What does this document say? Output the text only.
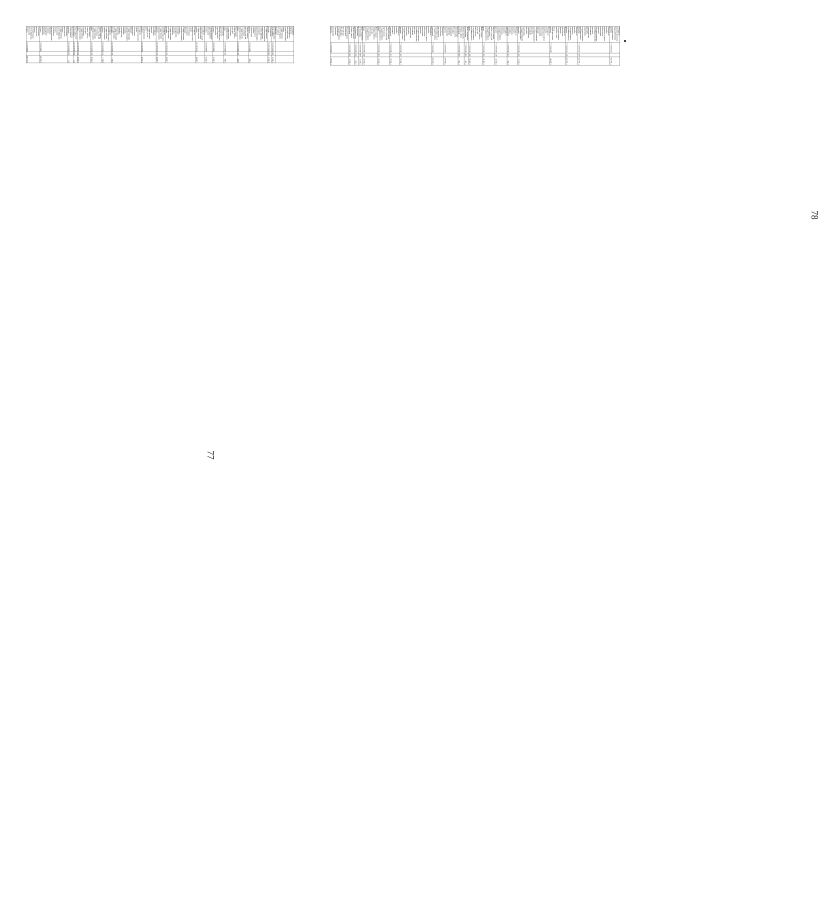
77
Проведение выборов и референдумов в законодательные (представительные) органы государственной власти субъектов Российской Федерации			
Иные бюджетные ассигнования	75 2 00 20010	800	11 896,3
Специальные расходы	75 2 00 20010	880	11 896,3
Государственная автоматизированная информационная система «Выборы», повышение правовой культуры избирателей и обучение организаторов выборов	75 2 00 20040		300,0
Закупка товаров, работ и услуг для обеспечения государственных (муниципальных) нужд	75 2 00 20040	200	300,0
Иные закупки товаров, работ и услуг для обеспечения государственных (муниципальных) нужд	75 2 00 20040	240	300,0
Обеспечение деятельности аппаратов мировых судов Еврейской автономной области	76 0 00 00000		52 242,1
Аппарат мировых судов Еврейской автономной области	76 1 00 00000		52 242,1
Расходы на выплаты по оплате труда работников государственных органов	76 1 00 00110		24 080,7
Расходы на выплаты персоналу в целях обеспечения выполнения функций государственными (муниципальными) органами, казенными учреждениями, органами управления государственными внебюджетными фондами	76 1 00 00110	100	24 080,7
Расходы на выплаты персоналу государственных (муниципальных) органов	76 1 00 00110	120	24 080,7
Расходы на обеспечение функций государственных органов, в том числе территориальных органов	76 1 00 00190		28 161,4
Расходы на выплаты персоналу в целях обеспечения выполнения функций государственными (муниципальными) органами, казенными учреждениями, органами управления государственными внебюджетными фондами	76 1 00 00190	100	1 198,8
Расходы на выплаты персоналу государственных (муниципальных) органов	76 1 00 00190	120	1 198,8
Закупка товаров, работ и услуг для обеспечения государственных (муниципальных) нужд	76 1 00 00190	200	26 960,6
Иные закупки товаров, работ и услуг для обеспечения государственных (муниципальных) нужд	76 1 00 00190	240	26 960,6
Иные бюджетные ассигнования	76 1 00 00190	800	2,0
Уплата налогов, сборов и иных платежей	76 1 00 00190	850	2,0
Обеспечение деятельности органов государственной власти Еврейской автономной области, обеспечение функционирования отдельных казенных учреждений Еврейской автономной области	77 0 00 00000		649 303,0
Обеспечение деятельности органов исполнительной власти Еврейской автономной области	77 1 00 00000		345 973,8
78
Расходы на выплаты по оплате труда работников государственных органов	77 1 00 00110		312 093,1
Расходы на выплаты персоналу в целях обеспечения выполнения функций государственными (муниципальными) органами, казенными учреждениями, органами управления государственными внебюджетными фондами	77 1 00 00110	100	312 093,1
Расходы на выплаты персоналу государственных (муниципальных) органов	77 1 00 00110	120	312 093,1
Расходы на обеспечение функций государственных органов, в том числе территориальных органов	77 1 00 00190		34 880,7
Расходы на выплаты персоналу в целях обеспечения выполнения функций государственными (муниципальными) органами, казенными учреждениями, органами управления государственными внебюджетными фондами	77 1 00 00190	100	5 147,8
Расходы на выплаты персоналу казенных учреждений	77 1 00 00190	110	385,3
Расходы на выплаты персоналу государственных (муниципальных) органов	77 1 00 00190	120	4 762,5
Закупка товаров, работ и услуг для обеспечения государственных (муниципальных) нужд	77 1 00 00190	200	29 471,8
Иные закупки товаров, работ и услуг для обеспечения государственных (муниципальных) нужд	77 1 00 00190	240	29 471,8
Иные бюджетные ассигнования	77 1 00 00190	800	261,1
Уплата налогов, сборов и иных платежей	77 1 00 00190	850	261,1
Обеспечение деятельности казенных учреждений Еврейской автономной области	77 2 00 00000		100 900,6
Расходы на обеспечение деятельности (оказание услуг) государственных учреждений	77 2 00 00590		100 900,6
Расходы на выплаты персоналу в целях обеспечения выполнения функций государственными (муниципальными) органами, казенными учреждениями, органами управления государственными внебюджетными фондами	77 2 00 00590	100	70 898,7
Расходы на выплаты персоналу казенных учреждений	77 2 00 00590	110	70 898,7
Закупка товаров, работ и услуг для обеспечения государственных (муниципальных) нужд	77 2 00 00590	200	23 696,3
Иные закупки товаров, работ и услуг для обеспечения государственных (муниципальных) нужд	77 2 00 00590	240	23 696,3
Иные бюджетные ассигнования	77 2 00 00590	800	6 305,6
Исполнение судебных актов	77 2 00 00590	830	210,0
Уплата налогов, сборов и иных платежей	77 2 00 00590	850	6 095,6
Осуществление полномочий Российской Федерации и государственных полномочий Еврейской автономной области	77 3 00 00000		79 852,1
